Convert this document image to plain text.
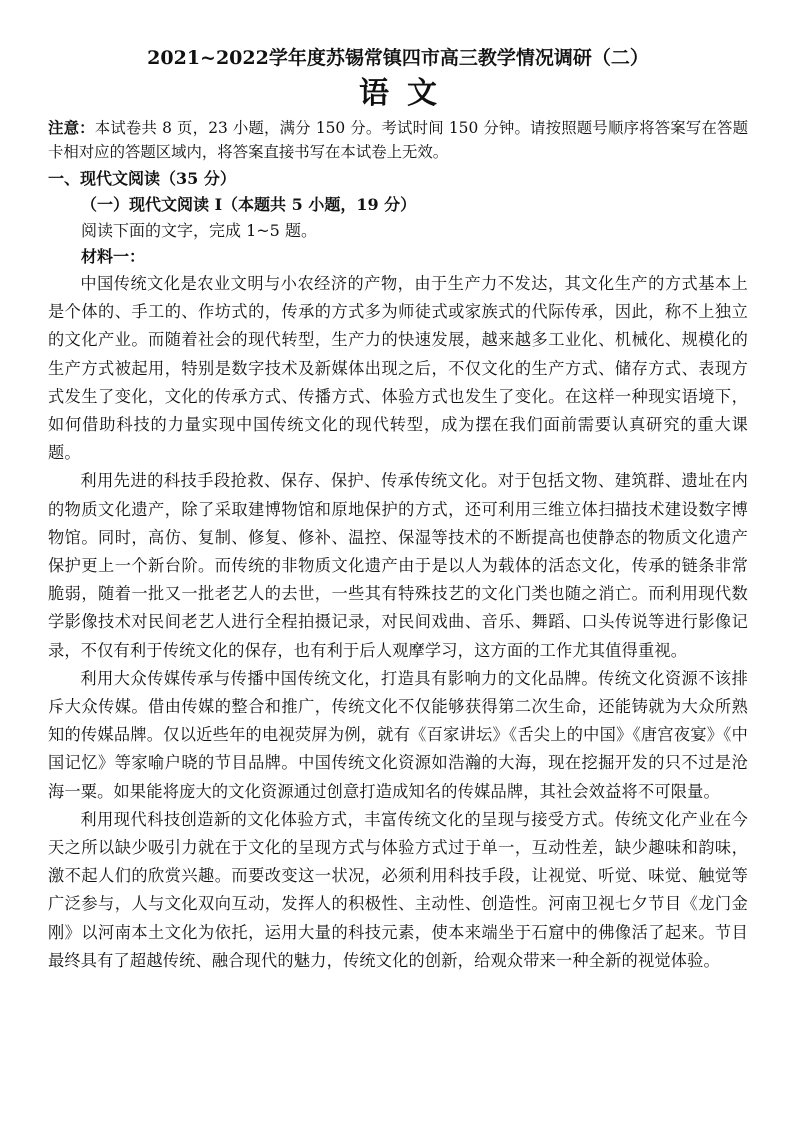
2021~2022学年度苏锡常镇四市高三教学情况调研（二）

语文

注意：本试卷共 8 页，23 小题，满分 150 分。考试时间 150 分钟。请按照题号顺序将答案写在答题卡相对应的答题区域内，将答案直接书写在本试卷上无效。

一、现代文阅读（35 分）

（一）现代文阅读 I（本题共 5 小题，19 分）

阅读下面的文字，完成 1~5 题。

材料一：

中国传统文化是农业文明与小农经济的产物，由于生产力不发达，其文化生产的方式基本上是个体的、手工的、作坊式的，传承的方式多为师徒式或家族式的代际传承，因此，称不上独立的文化产业。而随着社会的现代转型，生产力的快速发展，越来越多工业化、机械化、规模化的生产方式被起用，特别是数字技术及新媒体出现之后，不仅文化的生产方式、储存方式、表现方式发生了变化，文化的传承方式、传播方式、体验方式也发生了变化。在这样一种现实语境下，如何借助科技的力量实现中国传统文化的现代转型，成为摆在我们面前需要认真研究的重大课题。

利用先进的科技手段抢救、保存、保护、传承传统文化。对于包括文物、建筑群、遗址在内的物质文化遗产，除了采取建博物馆和原地保护的方式，还可利用三维立体扫描技术建设数字博物馆。同时，高仿、复制、修复、修补、温控、保湿等技术的不断提高也使静态的物质文化遗产保护更上一个新台阶。而传统的非物质文化遗产由于是以人为载体的活态文化，传承的链条非常脆弱，随着一批又一批老艺人的去世，一些其有特殊技艺的文化门类也随之消亡。而利用现代数学影像技术对民间老艺人进行全程拍摄记录，对民间戏曲、音乐、舞蹈、口头传说等进行影像记录，不仅有利于传统文化的保存，也有利于后人观摩学习，这方面的工作尤其值得重视。

利用大众传媒传承与传播中国传统文化，打造具有影响力的文化品牌。传统文化资源不该排斥大众传媒。借由传媒的整合和推广，传统文化不仅能够获得第二次生命，还能铸就为大众所熟知的传媒品牌。仅以近些年的电视荧屏为例，就有《百家讲坛》《舌尖上的中国》《唐宫夜宴》《中国记忆》等家喻户晓的节目品牌。中国传统文化资源如浩瀚的大海，现在挖掘开发的只不过是沧海一粟。如果能将庞大的文化资源通过创意打造成知名的传媒品牌，其社会效益将不可限量。

利用现代科技创造新的文化体验方式，丰富传统文化的呈现与接受方式。传统文化产业在今天之所以缺少吸引力就在于文化的呈现方式与体验方式过于单一，互动性差，缺少趣味和韵味，激不起人们的欣赏兴趣。而要改变这一状况，必须利用科技手段，让视觉、听觉、味觉、触觉等广泛参与，人与文化双向互动，发挥人的积极性、主动性、创造性。河南卫视七夕节目《龙门金刚》以河南本土文化为依托，运用大量的科技元素，使本来端坐于石窟中的佛像活了起来。节目最终具有了超越传统、融合现代的魅力，传统文化的创新，给观众带来一种全新的视觉体验。
